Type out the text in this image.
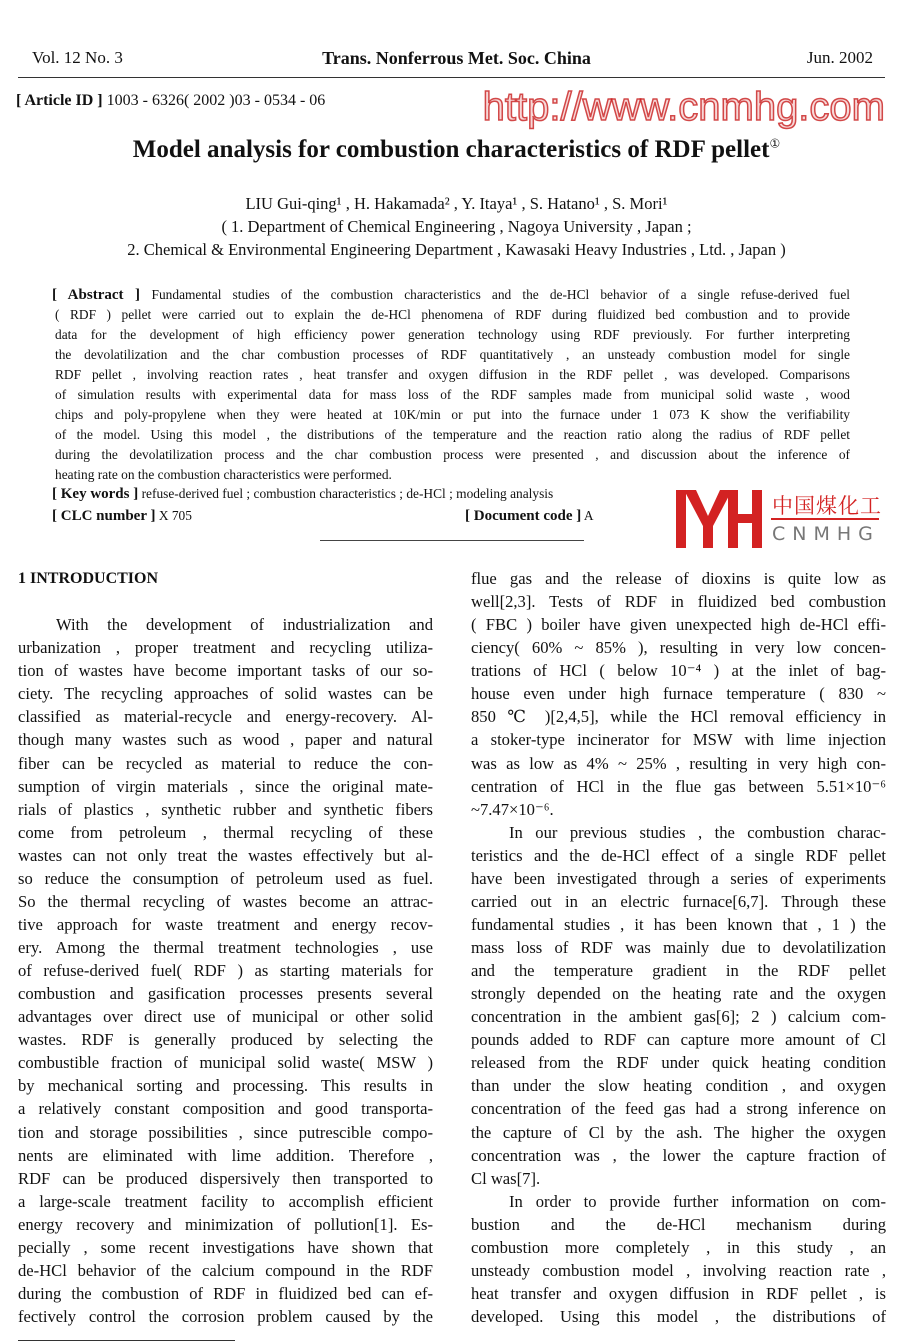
Vol. 12 No. 3	Trans. Nonferrous Met. Soc. China	Jun. 2002
[ Article ID ] 1003 - 6326( 2002 )03 - 0534 - 06	http://www.cnmhg.com
Model analysis for combustion characteristics of RDF pellet①
LIU Gui-qing¹ , H. Hakamada² , Y. Itaya¹ , S. Hatano¹ , S. Mori¹
( 1. Department of Chemical Engineering , Nagoya University , Japan ;
2. Chemical & Environmental Engineering Department , Kawasaki Heavy Industries , Ltd. , Japan )
[ Abstract ] Fundamental studies of the combustion characteristics and the de-HCl behavior of a single refuse-derived fuel
( RDF ) pellet were carried out to explain the de-HCl phenomena of RDF during fluidized bed combustion and to provide
data for the development of high efficiency power generation technology using RDF previously. For further interpreting
the devolatilization and the char combustion processes of RDF quantitatively , an unsteady combustion model for single
RDF pellet , involving reaction rates , heat transfer and oxygen diffusion in the RDF pellet , was developed. Comparisons
of simulation results with experimental data for mass loss of the RDF samples made from municipal solid waste , wood
chips and poly-propylene when they were heated at 10K/min or put into the furnace under 1 073 K show the verifiability
of the model. Using this model , the distributions of the temperature and the reaction ratio along the radius of RDF pellet
during the devolatilization process and the char combustion process were presented , and discussion about the inference of
heating rate on the combustion characteristics were performed.
[ Key words ] refuse-derived fuel ; combustion characteristics ; de-HCl ; modeling analysis
[ CLC number ] X 705	[ Document code ] A	中国煤化工
CNMHG
1 INTRODUCTION
With the development of industrialization and
urbanization , proper treatment and recycling utiliza-
tion of wastes have become important tasks of our so-
ciety. The recycling approaches of solid wastes can be
classified as material-recycle and energy-recovery. Al-
though many wastes such as wood , paper and natural
fiber can be recycled as material to reduce the con-
sumption of virgin materials , since the original mate-
rials of plastics , synthetic rubber and synthetic fibers
come from petroleum , thermal recycling of these
wastes can not only treat the wastes effectively but al-
so reduce the consumption of petroleum used as fuel.
So the thermal recycling of wastes become an attrac-
tive approach for waste treatment and energy recov-
ery. Among the thermal treatment technologies , use
of refuse-derived fuel( RDF ) as starting materials for
combustion and gasification processes presents several
advantages over direct use of municipal or other solid
wastes. RDF is generally produced by selecting the
combustible fraction of municipal solid waste( MSW )
by mechanical sorting and processing. This results in
a relatively constant composition and good transporta-
tion and storage possibilities , since putrescible compo-
nents are eliminated with lime addition. Therefore ,
RDF can be produced dispersively then transported to
a large-scale treatment facility to accomplish efficient
energy recovery and minimization of pollution[1]. Es-
pecially , some recent investigations have shown that
de-HCl behavior of the calcium compound in the RDF
during the combustion of RDF in fluidized bed can ef-
fectively control the corrosion problem caused by the
flue gas and the release of dioxins is quite low as
well[2,3]. Tests of RDF in fluidized bed combustion
( FBC ) boiler have given unexpected high de-HCl effi-
ciency( 60% ~ 85% ), resulting in very low concen-
trations of HCl ( below 10⁻⁴ ) at the inlet of bag-
house even under high furnace temperature ( 830 ~
850 ℃ )[2,4,5], while the HCl removal efficiency in
a stoker-type incinerator for MSW with lime injection
was as low as 4% ~ 25% , resulting in very high con-
centration of HCl in the flue gas between 5.51×10⁻⁶
~7.47×10⁻⁶.
In our previous studies , the combustion charac-
teristics and the de-HCl effect of a single RDF pellet
have been investigated through a series of experiments
carried out in an electric furnace[6,7]. Through these
fundamental studies , it has been known that , 1 ) the
mass loss of RDF was mainly due to devolatilization
and the temperature gradient in the RDF pellet
strongly depended on the heating rate and the oxygen
concentration in the ambient gas[6]; 2 ) calcium com-
pounds added to RDF can capture more amount of Cl
released from the RDF under quick heating condition
than under the slow heating condition , and oxygen
concentration of the feed gas had a strong inference on
the capture of Cl by the ash. The higher the oxygen
concentration was , the lower the capture fraction of
Cl was[7].
In order to provide further information on com-
bustion and the de-HCl mechanism during
combustion more completely , in this study , an
unsteady combustion model , involving reaction rate ,
heat transfer and oxygen diffusion in RDF pellet , is
developed. Using this model , the distributions of
